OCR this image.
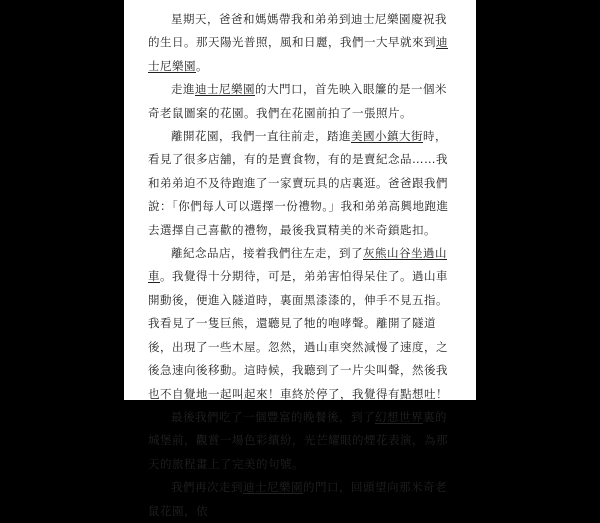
星期天，爸爸和媽媽帶我和弟弟到迪士尼樂園慶祝我的生日。那天陽光普照，風和日麗，我們一大早就來到迪士尼樂園。

走進迪士尼樂園的大門口，首先映入眼簾的是一個米奇老鼠圖案的花園。我們在花園前拍了一張照片。

離開花園，我們一直往前走，踏進美國小鎮大街時，看見了很多店舖，有的是賣食物，有的是賣紀念品……我和弟弟迫不及待跑進了一家賣玩具的店裏逛。爸爸跟我們說：「你們每人可以選擇一份禮物。」我和弟弟高興地跑進去選擇自己喜歡的禮物，最後我買精美的米奇鎖匙扣。

離紀念品店，接着我們往左走，到了灰熊山谷坐過山車。我覺得十分期待，可是，弟弟害怕得呆住了。過山車開動後，便進入隧道時，裏面黑漆漆的，伸手不見五指。我看見了一隻巨熊，還聽見了牠的咆哮聲。離開了隧道後，出現了一些木屋。忽然，過山車突然減慢了速度，之後急速向後移動。這時候，我聽到了一片尖叫聲，然後我也不自覺地一起叫起來！車終於停了，我覺得有點想吐！

最後我們吃了一個豐富的晚餐後，到了幻想世界裏的城堡前，觀賞一場色彩繽紛，光芒耀眼的煙花表演，為那天的旅程畫上了完美的句號。

我們再次走到迪士尼樂園的門口，回頭望向那米奇老鼠花園，依
